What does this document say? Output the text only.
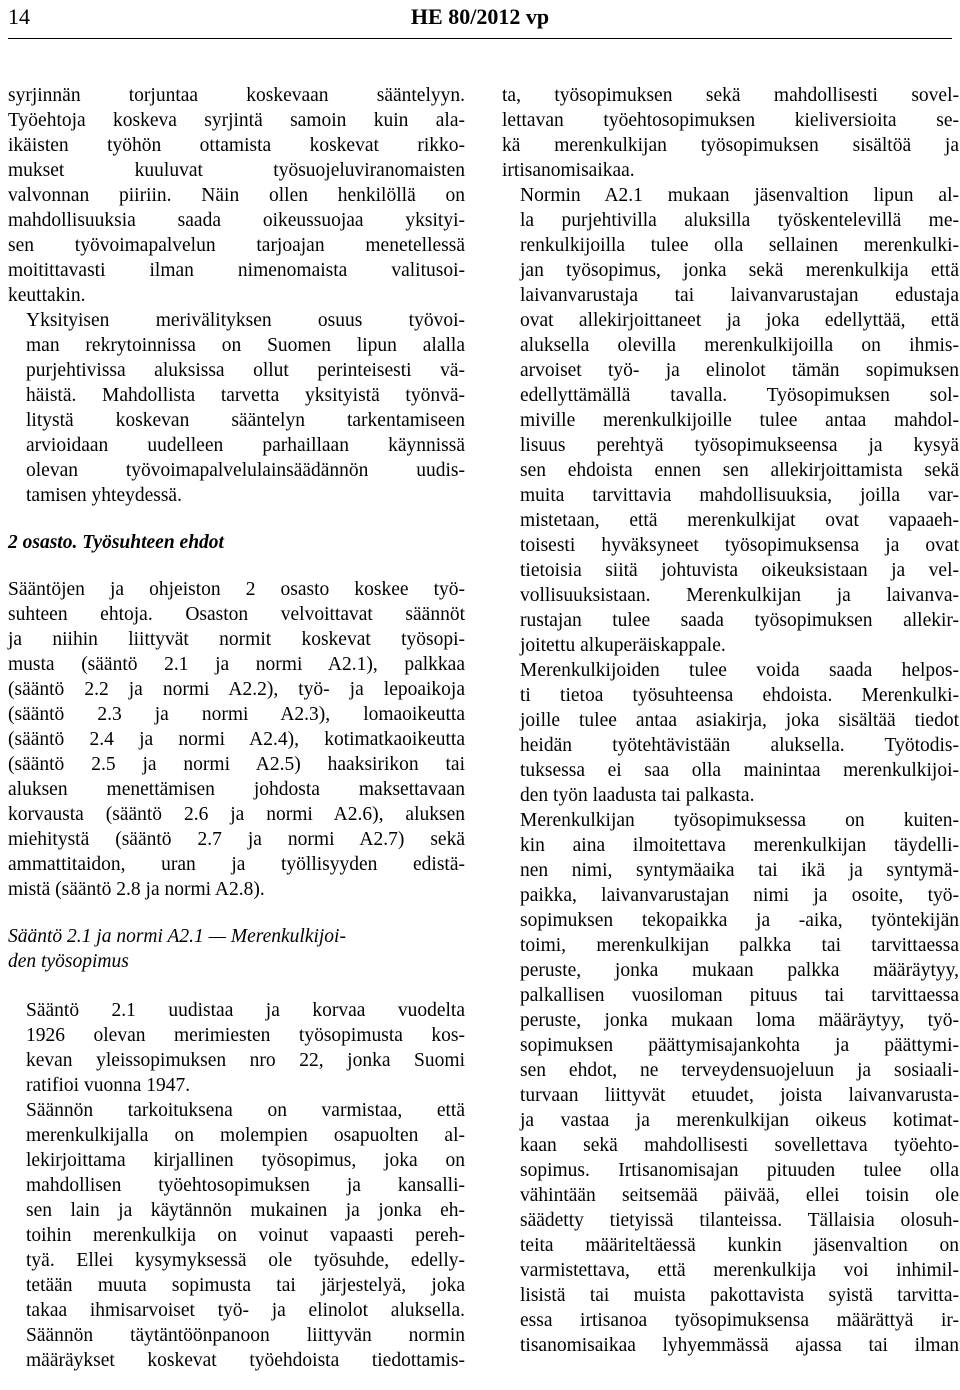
14	HE 80/2012 vp

syrjinnän torjuntaa koskevaan sääntelyyn.
Työehtoja koskeva syrjintä samoin kuin ala-
ikäisten työhön ottamista koskevat rikko-
mukset kuuluvat työsuojeluviranomaisten
valvonnan piiriin. Näin ollen henkilöllä on
mahdollisuuksia saada oikeussuojaa yksityi-
sen työvoimapalvelun tarjoajan menetellessä
moitittavasti ilman nimenomaista valitusoi-
keuttakin.

Yksityisen merivälityksen osuus työvoi-
man rekrytoinnissa on Suomen lipun alalla
purjehtivissa aluksissa ollut perinteisesti vä-
häistä. Mahdollista tarvetta yksityistä työnvä-
litystä koskevan sääntelyn tarkentamiseen
arvioidaan uudelleen parhaillaan käynnissä
olevan työvoimapalvelulainsäädännön uudis-
tamisen yhteydessä.

2 osasto. Työsuhteen ehdot

Sääntöjen ja ohjeiston 2 osasto koskee työ-
suhteen ehtoja. Osaston velvoittavat säännöt
ja niihin liittyvät normit koskevat työsopi-
musta (sääntö 2.1 ja normi A2.1), palkkaa
(sääntö 2.2 ja normi A2.2), työ- ja lepoaikoja
(sääntö 2.3 ja normi A2.3), lomaoikeutta
(sääntö 2.4 ja normi A2.4), kotimatkaoikeutta
(sääntö 2.5 ja normi A2.5) haaksirikon tai
aluksen menettämisen johdosta maksettavaan
korvausta (sääntö 2.6 ja normi A2.6), aluksen
miehitystä (sääntö 2.7 ja normi A2.7) sekä
ammattitaidon, uran ja työllisyyden edistä-
mistä (sääntö 2.8 ja normi A2.8).

Sääntö 2.1 ja normi A2.1 — Merenkulkijoi-
den työsopimus

Sääntö 2.1 uudistaa ja korvaa vuodelta
1926 olevan merimiesten työsopimusta kos-
kevan yleissopimuksen nro 22, jonka Suomi
ratifioi vuonna 1947.

Säännön tarkoituksena on varmistaa, että
merenkulkijalla on molempien osapuolten al-
lekirjoittama kirjallinen työsopimus, joka on
mahdollisen työehtosopimuksen ja kansalli-
sen lain ja käytännön mukainen ja jonka eh-
toihin merenkulkija on voinut vapaasti pereh-
tyä. Ellei kysymyksessä ole työsuhde, edelly-
tetään muuta sopimusta tai järjestelyä, joka
takaa ihmisarvoiset työ- ja elinolot aluksella.
Säännön täytäntöönpanoon liittyvän normin
määräykset koskevat työehdoista tiedottamis-

ta, työsopimuksen sekä mahdollisesti sovel-
lettavan työehtosopimuksen kieliversioita se-
kä merenkulkijan työsopimuksen sisältöä ja
irtisanomisaikaa.

Normin A2.1 mukaan jäsenvaltion lipun al-
la purjehtivilla aluksilla työskentelevillä me-
renkulkijoilla tulee olla sellainen merenkulki-
jan työsopimus, jonka sekä merenkulkija että
laivanvarustaja tai laivanvarustajan edustaja
ovat allekirjoittaneet ja joka edellyttää, että
aluksella olevilla merenkulkijoilla on ihmis-
arvoiset työ- ja elinolot tämän sopimuksen
edellyttämällä tavalla. Työsopimuksen sol-
miville merenkulkijoille tulee antaa mahdol-
lisuus perehtyä työsopimukseensa ja kysyä
sen ehdoista ennen sen allekirjoittamista sekä
muita tarvittavia mahdollisuuksia, joilla var-
mistetaan, että merenkulkijat ovat vapaaeh-
toisesti hyväksyneet työsopimuksensa ja ovat
tietoisia siitä johtuvista oikeuksistaan ja vel-
vollisuuksistaan. Merenkulkijan ja laivanva-
rustajan tulee saada työsopimuksen allekir-
joitettu alkuperäiskappale.

Merenkulkijoiden tulee voida saada helpos-
ti tietoa työsuhteensa ehdoista. Merenkulki-
joille tulee antaa asiakirja, joka sisältää tiedot
heidän työtehtävistään aluksella. Työtodis-
tuksessa ei saa olla mainintaa merenkulkijoi-
den työn laadusta tai palkasta.

Merenkulkijan työsopimuksessa on kuiten-
kin aina ilmoitettava merenkulkijan täydelli-
nen nimi, syntymäaika tai ikä ja syntymä-
paikka, laivanvarustajan nimi ja osoite, työ-
sopimuksen tekopaikka ja -aika, työntekijän
toimi, merenkulkijan palkka tai tarvittaessa
peruste, jonka mukaan palkka määräytyy,
palkallisen vuosiloman pituus tai tarvittaessa
peruste, jonka mukaan loma määräytyy, työ-
sopimuksen päättymisajankohta ja päättymi-
sen ehdot, ne terveydensuojeluun ja sosiaali-
turvaan liittyvät etuudet, joista laivanvarusta-
ja vastaa ja merenkulkijan oikeus kotimat-
kaan sekä mahdollisesti sovellettava työehto-
sopimus. Irtisanomisajan pituuden tulee olla
vähintään seitsemää päivää, ellei toisin ole
säädetty tietyissä tilanteissa. Tällaisia olosuh-
teita määriteltäessä kunkin jäsenvaltion on
varmistettava, että merenkulkija voi inhimil-
lisistä tai muista pakottavista syistä tarvitta-
essa irtisanoa työsopimuksensa määrättyä ir-
tisanomisaikaa lyhyemmässä ajassa tai ilman
